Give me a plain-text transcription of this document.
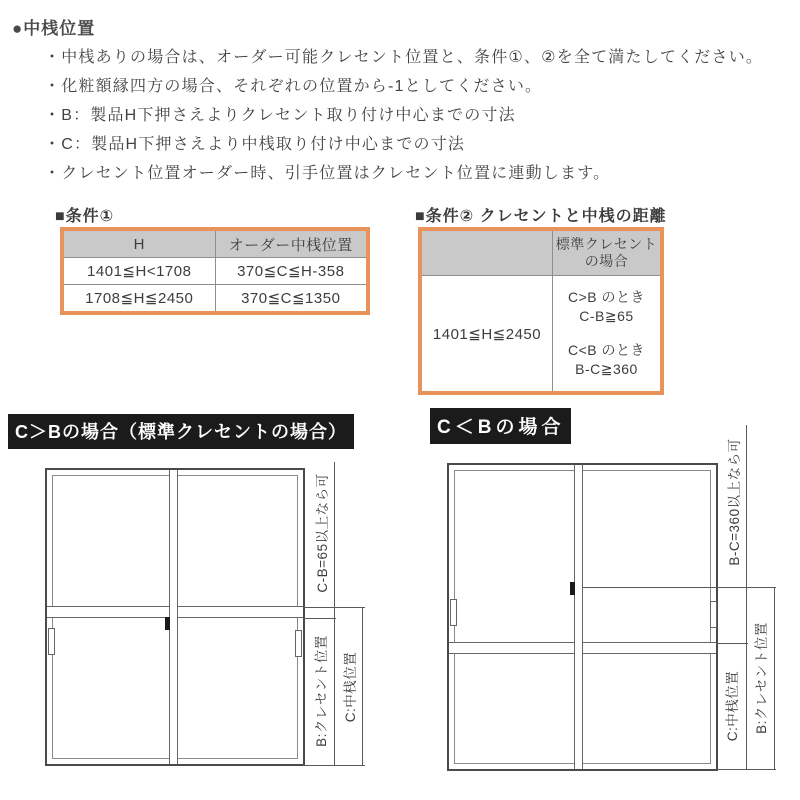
●中桟位置
・ 中桟ありの場合は、オーダー可能クレセント位置と、条件①、②を全て満たしてください。
・ 化粧額縁四方の場合、それぞれの位置から-1としてください。
・ B：製品H下押さえよりクレセント取り付け中心までの寸法
・ C：製品H下押さえより中桟取り付け中心までの寸法
・ クレセント位置オーダー時、引手位置はクレセント位置に連動します。
■条件①
H	オーダー中桟位置
1401≦H<1708	370≦C≦H-358
1708≦H≦2450	370≦C≦1350
■条件② クレセントと中桟の距離

	標準クレセント
の場合

1401≦H≦2450	C>B のとき
C-B≧65
C<B のとき
B-C≧360
C＞Bの場合（標準クレセントの場合）
C-B=65以上なら可
B:クレセント位置 C:中桟位置
C＜Bの場合
B-C=360以上なら可
C:中桟位置 B:クレセント位置
